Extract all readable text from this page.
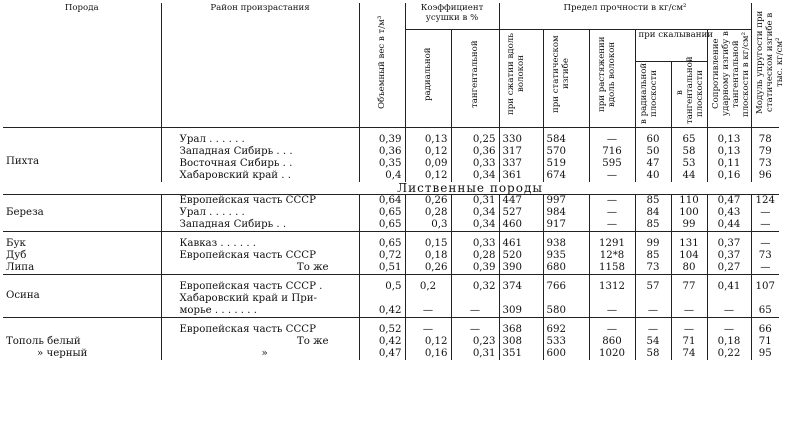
Порода	Район произрастания	Объемный вес в т/м³	Коэффициент усушки в %		Предел прочности в кг/см²						Модуль упругости при статическом изгибе в тыс. кг/см²

			радиальной	тангентальной	при сжатии вдоль волокон	при статическом изгибе	при растяжении вдоль волокон	при скалывании		Сопротивление ударному изгибу в тангентальной плоскости в кг/см²	

								в радиальной плоскости	в тангентальной плоскости		

Пихта	Урал . . . . . .	0,39	0,13	0,25	330	584	—	60	65	0,13	78
	Западная Сибирь . . .	0,36	0,12	0,36	317	570	716	50	58	0,13	79
	Восточная Сибирь . .	0,35	0,09	0,33	337	519	595	47	53	0,11	73
	Хабаровский край . .	0,4	0,12	0,34	361	674	—	40	44	0,16	96
	Лиственные породы										
Береза	Европейская часть СССР	0,64	0,26	0,31	447	997	—	85	110	0,47	124
	Урал . . . . . .	0,65	0,28	0,34	527	984	—	84	100	0,43	—
	Западная Сибирь . .	0,65	0,3	0,34	460	917	—	85	99	0,44	—
Бук	Кавказ . . . . . .	0,65	0,15	0,33	461	938	1291	99	131	0,37	—
Дуб	Европейская часть СССР	0,72	0,18	0,28	520	935	12*8	85	104	0,37	73
Липа	То же	0,51	0,26	0,39	390	680	1158	73	80	0,27	—
Осина	Европейская часть СССР .	0,5	0,2	0,32	374	766	1312	57	77	0,41	107
	Хабаровский край и При-										
	морье . . . . . . .	0,42	—	—	309	580	—	—	—	—	65
	Европейская часть СССР	0,52	—	—	368	692	—	—	—	—	66
Тополь белый	То же	0,42	0,12	0,23	308	533	860	54	71	0,18	71
» черный	»	0,47	0,16	0,31	351	600	1020	58	74	0,22	95
